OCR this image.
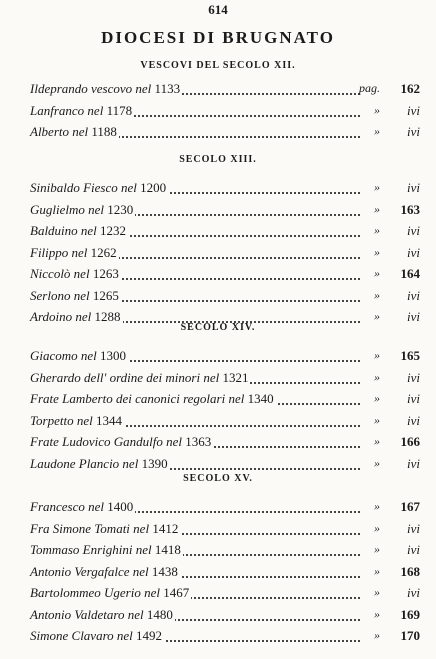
614
DIOCESI DI BRUGNATO
VESCOVI DEL SECOLO XII.
Ildeprando vescovo nel 1133	pag.	162
Lanfranco nel 1178	»	ivi
Alberto nel 1188	»	ivi
SECOLO XIII.
Sinibaldo Fiesco nel 1200	»	ivi
Guglielmo nel 1230	»	163
Balduino nel 1232	»	ivi
Filippo nel 1262	»	ivi
Niccolò nel 1263	»	164
Serlono nel 1265	»	ivi
Ardoino nel 1288	»	ivi
SECOLO XIV.
Giacomo nel 1300	»	165
Gherardo dell' ordine dei minori nel 1321	»	ivi
Frate Lamberto dei canonici regolari nel 1340	»	ivi
Torpetto nel 1344	»	ivi
Frate Ludovico Gandulfo nel 1363	»	166
Laudone Plancio nel 1390	»	ivi
SECOLO XV.
Francesco nel 1400	»	167
Fra Simone Tomati nel 1412	»	ivi
Tommaso Enrighini nel 1418	»	ivi
Antonio Vergafalce nel 1438	»	168
Bartolommeo Ugerio nel 1467	»	ivi
Antonio Valdetaro nel 1480	»	169
Simone Clavaro nel 1492	»	170
